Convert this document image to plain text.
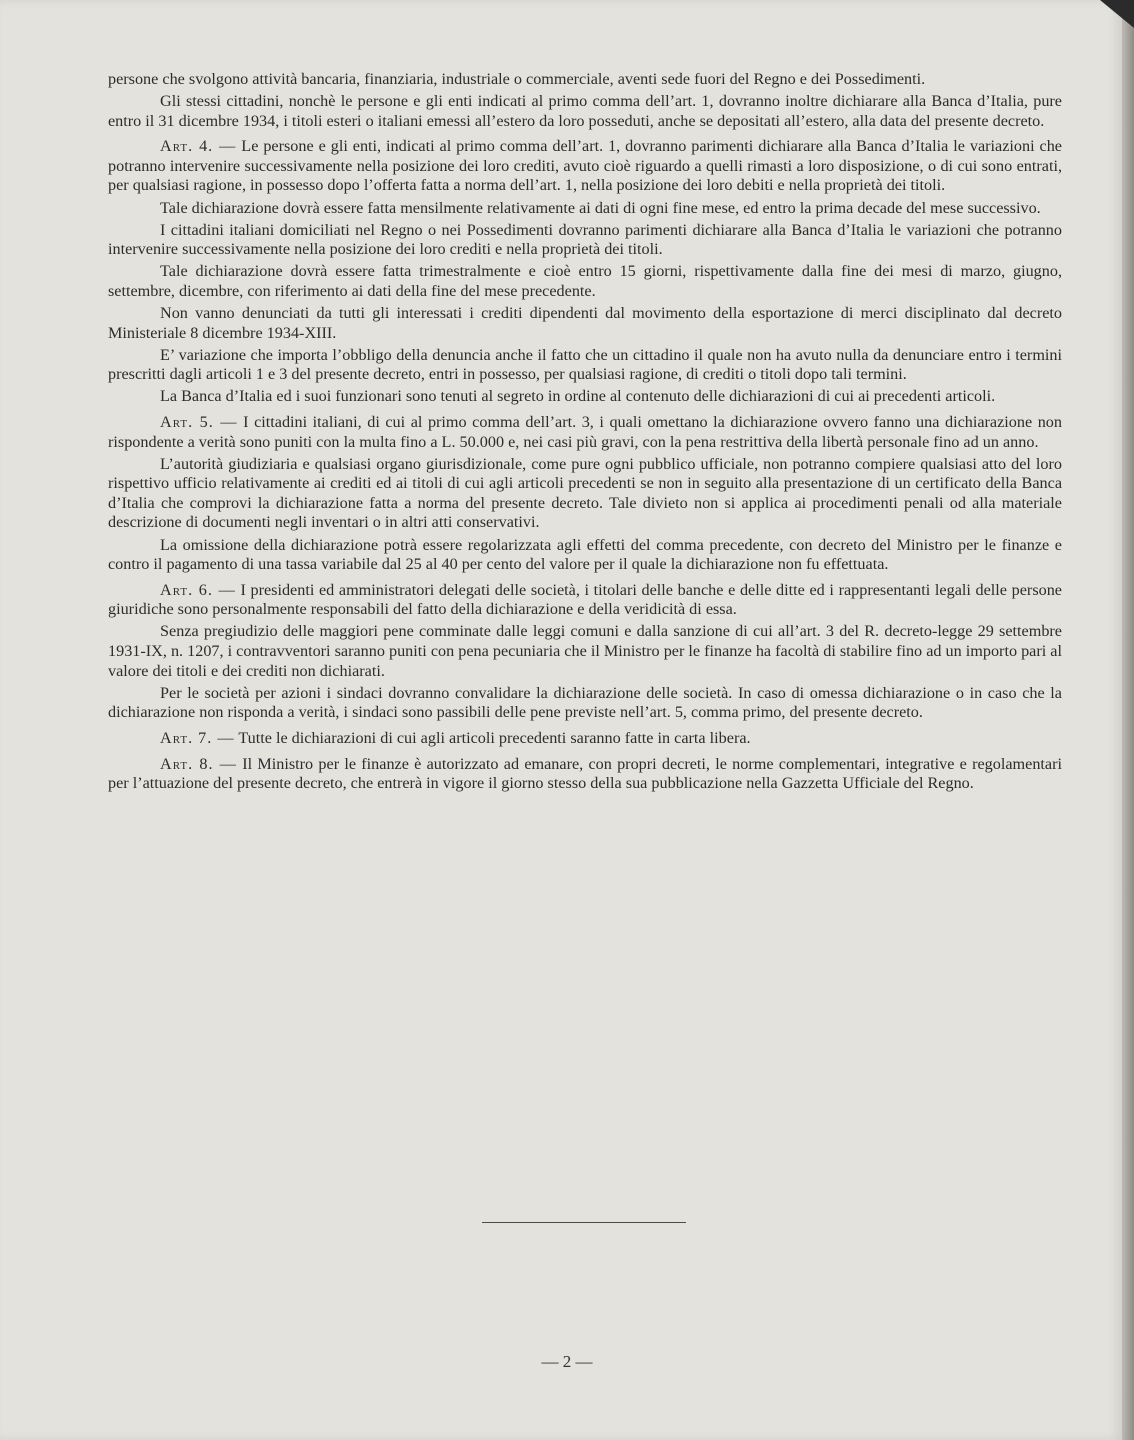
persone che svolgono attività bancaria, finanziaria, industriale o commerciale, aventi sede fuori del Regno e dei Possedimenti.

Gli stessi cittadini, nonchè le persone e gli enti indicati al primo comma dell’art. 1, dovranno inoltre dichiarare alla Banca d’Italia, pure entro il 31 dicembre 1934, i titoli esteri o italiani emessi all’estero da loro posseduti, anche se depositati all’estero, alla data del presente decreto.

Art. 4. — Le persone e gli enti, indicati al primo comma dell’art. 1, dovranno parimenti dichiarare alla Banca d’Italia le variazioni che potranno intervenire successivamente nella posizione dei loro crediti, avuto cioè riguardo a quelli rimasti a loro disposizione, o di cui sono entrati, per qualsiasi ragione, in possesso dopo l’offerta fatta a norma dell’art. 1, nella posizione dei loro debiti e nella proprietà dei titoli.

Tale dichiarazione dovrà essere fatta mensilmente relativamente ai dati di ogni fine mese, ed entro la prima decade del mese successivo.

I cittadini italiani domiciliati nel Regno o nei Possedimenti dovranno parimenti dichiarare alla Banca d’Italia le variazioni che potranno intervenire successivamente nella posizione dei loro crediti e nella proprietà dei titoli.

Tale dichiarazione dovrà essere fatta trimestralmente e cioè entro 15 giorni, rispettivamente dalla fine dei mesi di marzo, giugno, settembre, dicembre, con riferimento ai dati della fine del mese precedente.

Non vanno denunciati da tutti gli interessati i crediti dipendenti dal movimento della esportazione di merci disciplinato dal decreto Ministeriale 8 dicembre 1934-XIII.

E’ variazione che importa l’obbligo della denuncia anche il fatto che un cittadino il quale non ha avuto nulla da denunciare entro i termini prescritti dagli articoli 1 e 3 del presente decreto, entri in possesso, per qualsiasi ragione, di crediti o titoli dopo tali termini.

La Banca d’Italia ed i suoi funzionari sono tenuti al segreto in ordine al contenuto delle dichiarazioni di cui ai precedenti articoli.

Art. 5. — I cittadini italiani, di cui al primo comma dell’art. 3, i quali omettano la dichiarazione ovvero fanno una dichiarazione non rispondente a verità sono puniti con la multa fino a L. 50.000 e, nei casi più gravi, con la pena restrittiva della libertà personale fino ad un anno.

L’autorità giudiziaria e qualsiasi organo giurisdizionale, come pure ogni pubblico ufficiale, non potranno compiere qualsiasi atto del loro rispettivo ufficio relativamente ai crediti ed ai titoli di cui agli articoli precedenti se non in seguito alla presentazione di un certificato della Banca d’Italia che comprovi la dichiarazione fatta a norma del presente decreto. Tale divieto non si applica ai procedimenti penali od alla materiale descrizione di documenti negli inventari o in altri atti conservativi.

La omissione della dichiarazione potrà essere regolarizzata agli effetti del comma precedente, con decreto del Ministro per le finanze e contro il pagamento di una tassa variabile dal 25 al 40 per cento del valore per il quale la dichiarazione non fu effettuata.

Art. 6. — I presidenti ed amministratori delegati delle società, i titolari delle banche e delle ditte ed i rappresentanti legali delle persone giuridiche sono personalmente responsabili del fatto della dichiarazione e della veridicità di essa.

Senza pregiudizio delle maggiori pene comminate dalle leggi comuni e dalla sanzione di cui all’art. 3 del R. decreto-legge 29 settembre 1931-IX, n. 1207, i contravventori saranno puniti con pena pecuniaria che il Ministro per le finanze ha facoltà di stabilire fino ad un importo pari al valore dei titoli e dei crediti non dichiarati.

Per le società per azioni i sindaci dovranno convalidare la dichiarazione delle società. In caso di omessa dichiarazione o in caso che la dichiarazione non risponda a verità, i sindaci sono passibili delle pene previste nell’art. 5, comma primo, del presente decreto.

Art. 7. — Tutte le dichiarazioni di cui agli articoli precedenti saranno fatte in carta libera.

Art. 8. — Il Ministro per le finanze è autorizzato ad emanare, con propri decreti, le norme complementari, integrative e regolamentari per l’attuazione del presente decreto, che entrerà in vigore il giorno stesso della sua pubblicazione nella Gazzetta Ufficiale del Regno.

— 2 —
